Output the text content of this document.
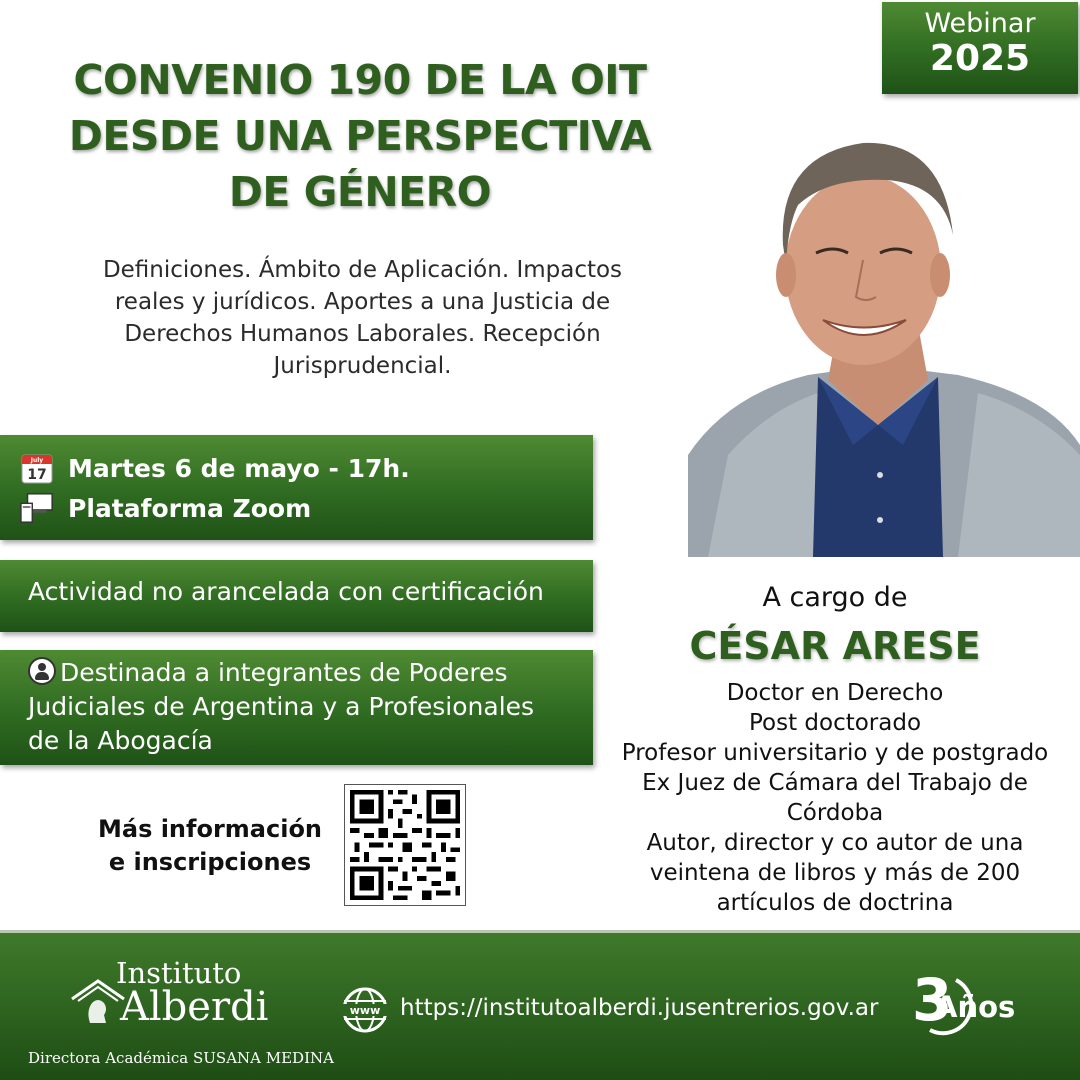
Webinar
2025
CONVENIO 190 DE LA OIT
DESDE UNA PERSPECTIVA
DE GÉNERO
Definiciones. Ámbito de Aplicación. Impactos
reales y jurídicos. Aportes a una Justicia de
Derechos Humanos Laborales. Recepción
Jurisprudencial.
July
17 Martes 6 de mayo - 17h.
Plataforma Zoom
Actividad no arancelada con certificación
Destinada a integrantes de Poderes
Judiciales de Argentina y a Profesionales
de la Abogacía
A cargo de
CÉSAR ARESE
Doctor en Derecho
Post doctorado
Profesor universitario y de postgrado
Ex Juez de Cámara del Trabajo de
Córdoba
Autor, director y co autor de una
veintena de libros y más de 200
artículos de doctrina
Más información
e inscripciones
Instituto
Alberdi
Directora Académica SUSANA MEDINA
www https://institutoalberdi.jusentrerios.gov.ar 3
Años
